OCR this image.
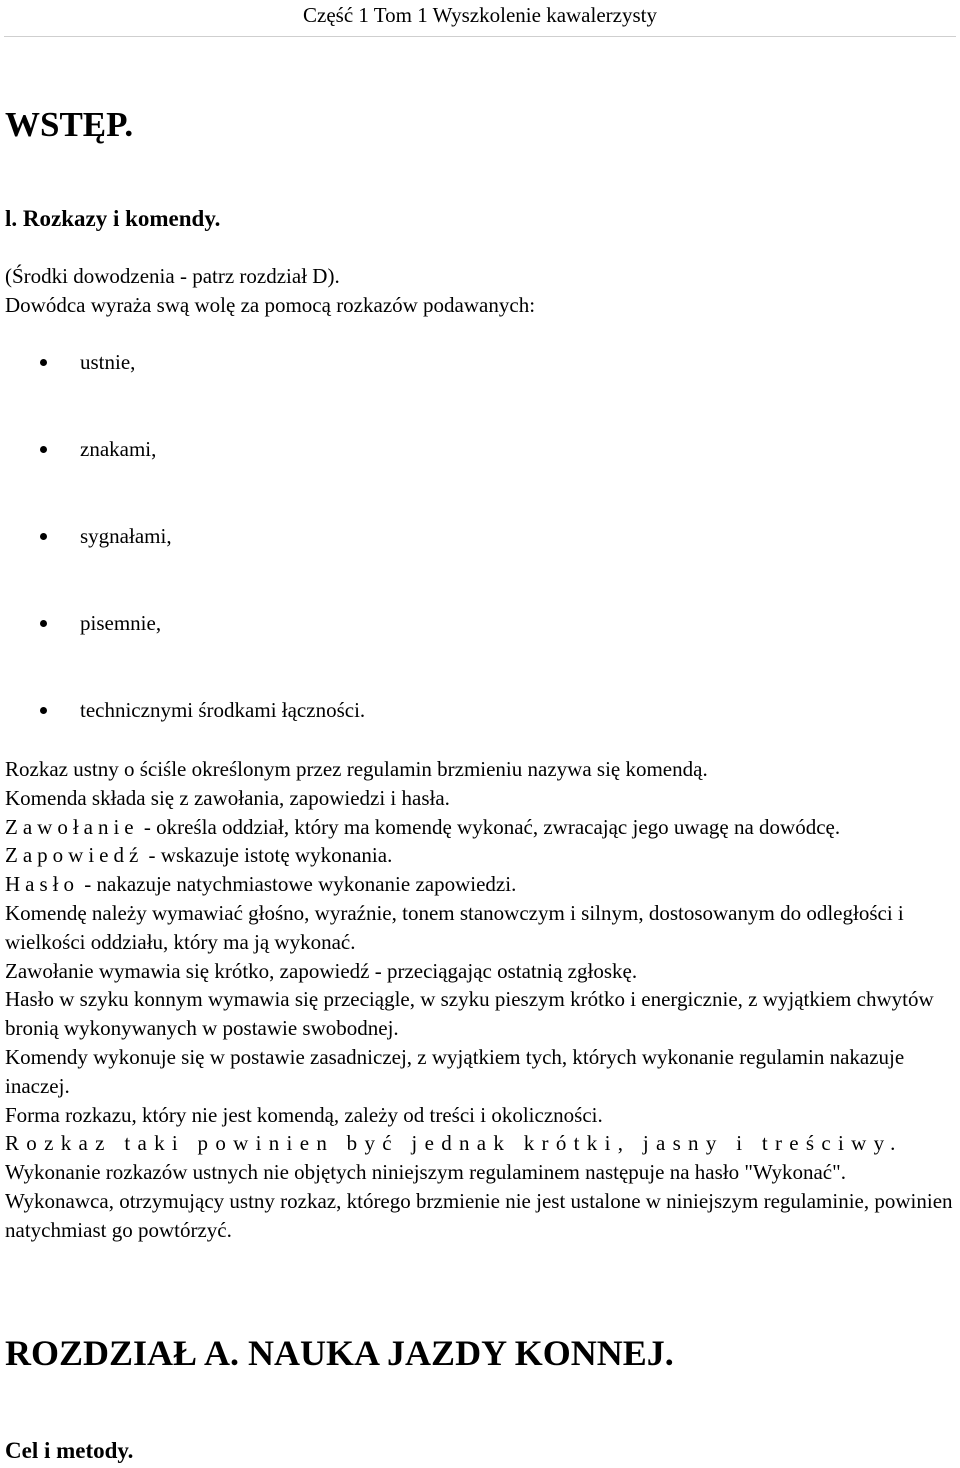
Część 1 Tom 1 Wyszkolenie kawalerzysty
WSTĘP.
l. Rozkazy i komendy.

(Środki dowodzenia - patrz rozdział D).

Dowódca wyraża swą wolę za pomocą rozkazów podawanych:

ustnie,
znakami,
sygnałami,
pisemnie,
technicznymi środkami łączności.

Rozkaz ustny o ściśle określonym przez regulamin brzmieniu nazywa się komendą.

Komenda składa się z zawołania, zapowiedzi i hasła.

Zawołanie - określa oddział, który ma komendę wykonać, zwracając jego uwagę na dowódcę.

Zapowiedź - wskazuje istotę wykonania.

Hasło - nakazuje natychmiastowe wykonanie zapowiedzi.

Komendę należy wymawiać głośno, wyraźnie, tonem stanowczym i silnym, dostosowanym do odległości i wielkości oddziału, który ma ją wykonać.

Zawołanie wymawia się krótko, zapowiedź - przeciągając ostatnią zgłoskę.

Hasło w szyku konnym wymawia się przeciągle, w szyku pieszym krótko i energicznie, z wyjątkiem chwytów bronią wykonywanych w postawie swobodnej.

Komendy wykonuje się w postawie zasadniczej, z wyjątkiem tych, których wykonanie regulamin nakazuje inaczej.

Forma rozkazu, który nie jest komendą, zależy od treści i okoliczności.

Rozkaz taki powinien być jednak krótki, jasny i treściwy.

Wykonanie rozkazów ustnych nie objętych niniejszym regulaminem następuje na hasło "Wykonać".

Wykonawca, otrzymujący ustny rozkaz, którego brzmienie nie jest ustalone w niniejszym regulaminie, powinien natychmiast go powtórzyć.

ROZDZIAŁ A. NAUKA JAZDY KONNEJ.
Cel i metody.
